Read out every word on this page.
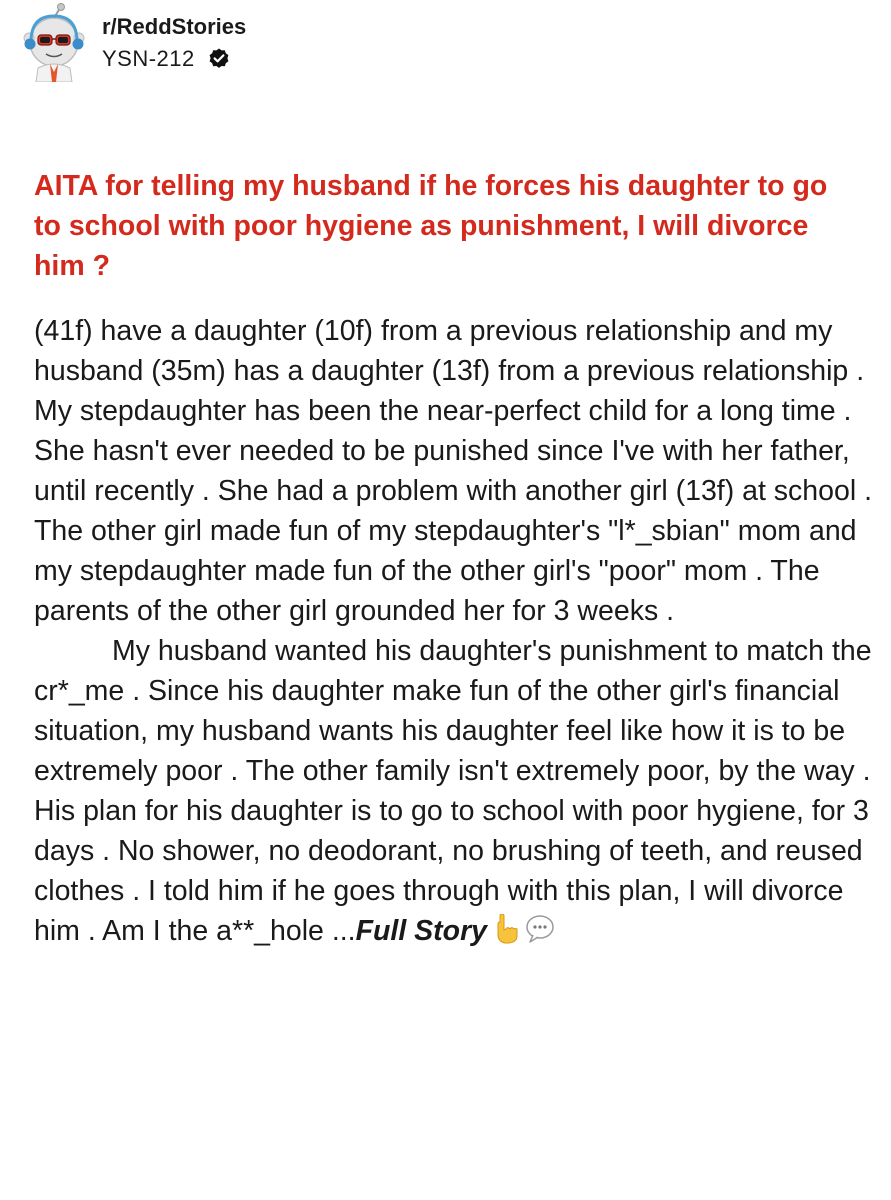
r/ReddStories
YSN-212
AITA for telling my husband if he forces his daughter to go to school with poor hygiene as punishment, I will divorce him ?

(41f) have a daughter (10f) from a previous relationship and my husband (35m) has a daughter (13f) from a previous relationship . My stepdaughter has been the near-perfect child for a long time . She hasn't ever needed to be punished since I've with her father, until recently . She had a problem with another girl (13f) at school . The other girl made fun of my stepdaughter's "l*_sbian" mom and my stepdaughter made fun of the other girl's "poor" mom . The parents of the other girl grounded her for 3 weeks .

My husband wanted his daughter's punishment to match the cr*_me . Since his daughter make fun of the other girl's financial situation, my husband wants his daughter feel like how it is to be extremely poor . The other family isn't extremely poor, by the way . His plan for his daughter is to go to school with poor hygiene, for 3 days . No shower, no deodorant, no brushing of teeth, and reused clothes . I told him if he goes through with this plan, I will divorce him . Am I the a**_hole ...Full Story
